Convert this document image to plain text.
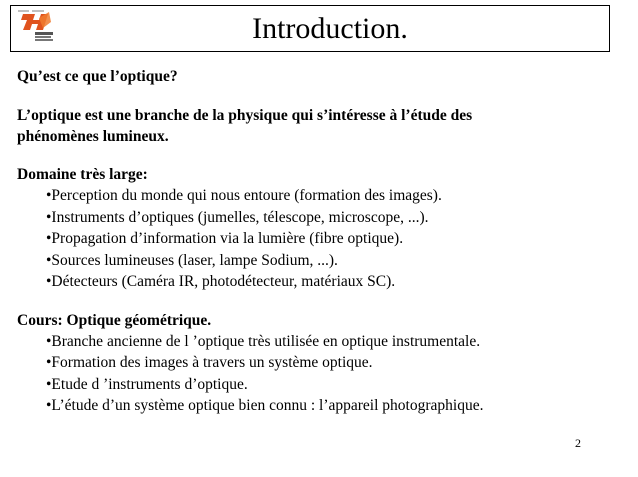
Introduction.
Qu’est ce que l’optique?
L’optique est une branche de la physique qui s’intéresse à l’étude des
phénomènes lumineux.
Domaine très large:
•Perception du monde qui nous entoure (formation des images).
•Instruments d’optiques (jumelles, télescope, microscope, ...).
•Propagation d’information via la lumière (fibre optique).
•Sources lumineuses (laser, lampe Sodium, ...).
•Détecteurs (Caméra IR, photodétecteur, matériaux SC).
Cours: Optique géométrique.
•Branche ancienne de l ’optique très utilisée en optique instrumentale.
•Formation des images à travers un système optique.
•Etude d ’instruments d’optique.
•L’étude d’un système optique bien connu : l’appareil photographique.
2
